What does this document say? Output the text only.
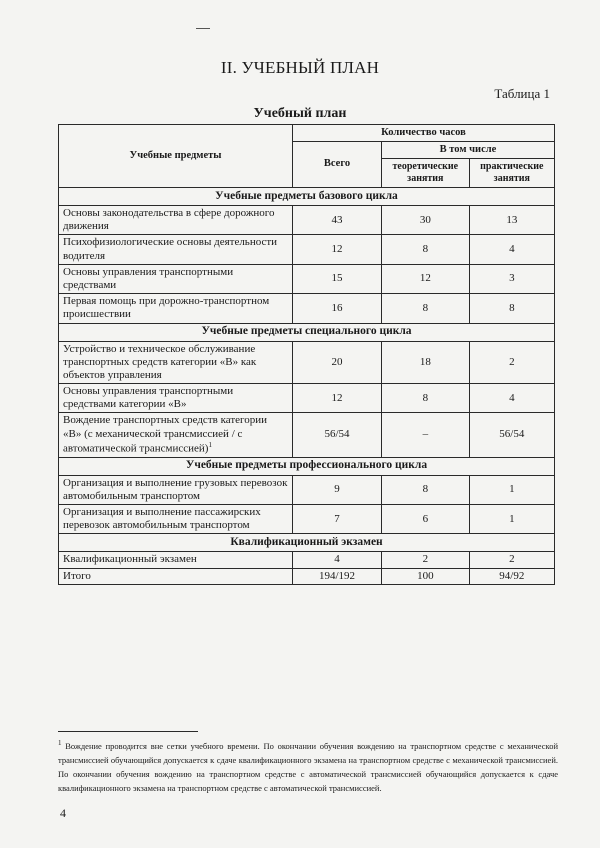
II. УЧЕБНЫЙ ПЛАН
Таблица 1
Учебный план
Учебные предметы	Количество часов		
	Всего	В том числе	
		теоретические занятия	практические занятия
Учебные предметы базового цикла			
Основы законодательства в сфере дорожного движения	43	30	13
Психофизиологические основы деятельности водителя	12	8	4
Основы управления транспортными средствами	15	12	3
Первая помощь при дорожно-транспортном происшествии	16	8	8
Учебные предметы специального цикла			
Устройство и техническое обслуживание транспортных средств категории «В» как объектов управления	20	18	2
Основы управления транспортными средствами категории «В»	12	8	4
Вождение транспортных средств категории «В» (с механической трансмиссией / с автоматической трансмиссией)$^1$	56/54	–	56/54
Учебные предметы профессионального цикла			
Организация и выполнение грузовых перевозок автомобильным транспортом	9	8	1
Организация и выполнение пассажирских перевозок автомобильным транспортом	7	6	1
Квалификационный экзамен			
Квалификационный экзамен	4	2	2
Итого	194/192	100	94/92
$^1$ Вождение проводится вне сетки учебного времени. По окончании обучения вождению на транспортном средстве с механической трансмиссией обучающийся допускается к сдаче квалификационного экзамена на транспортном средстве с механической трансмиссией. По окончании обучения вождению на транспортном средстве с автоматической трансмиссией обучающийся допускается к сдаче квалификационного экзамена на транспортном средстве с автоматической трансмиссией.
4
